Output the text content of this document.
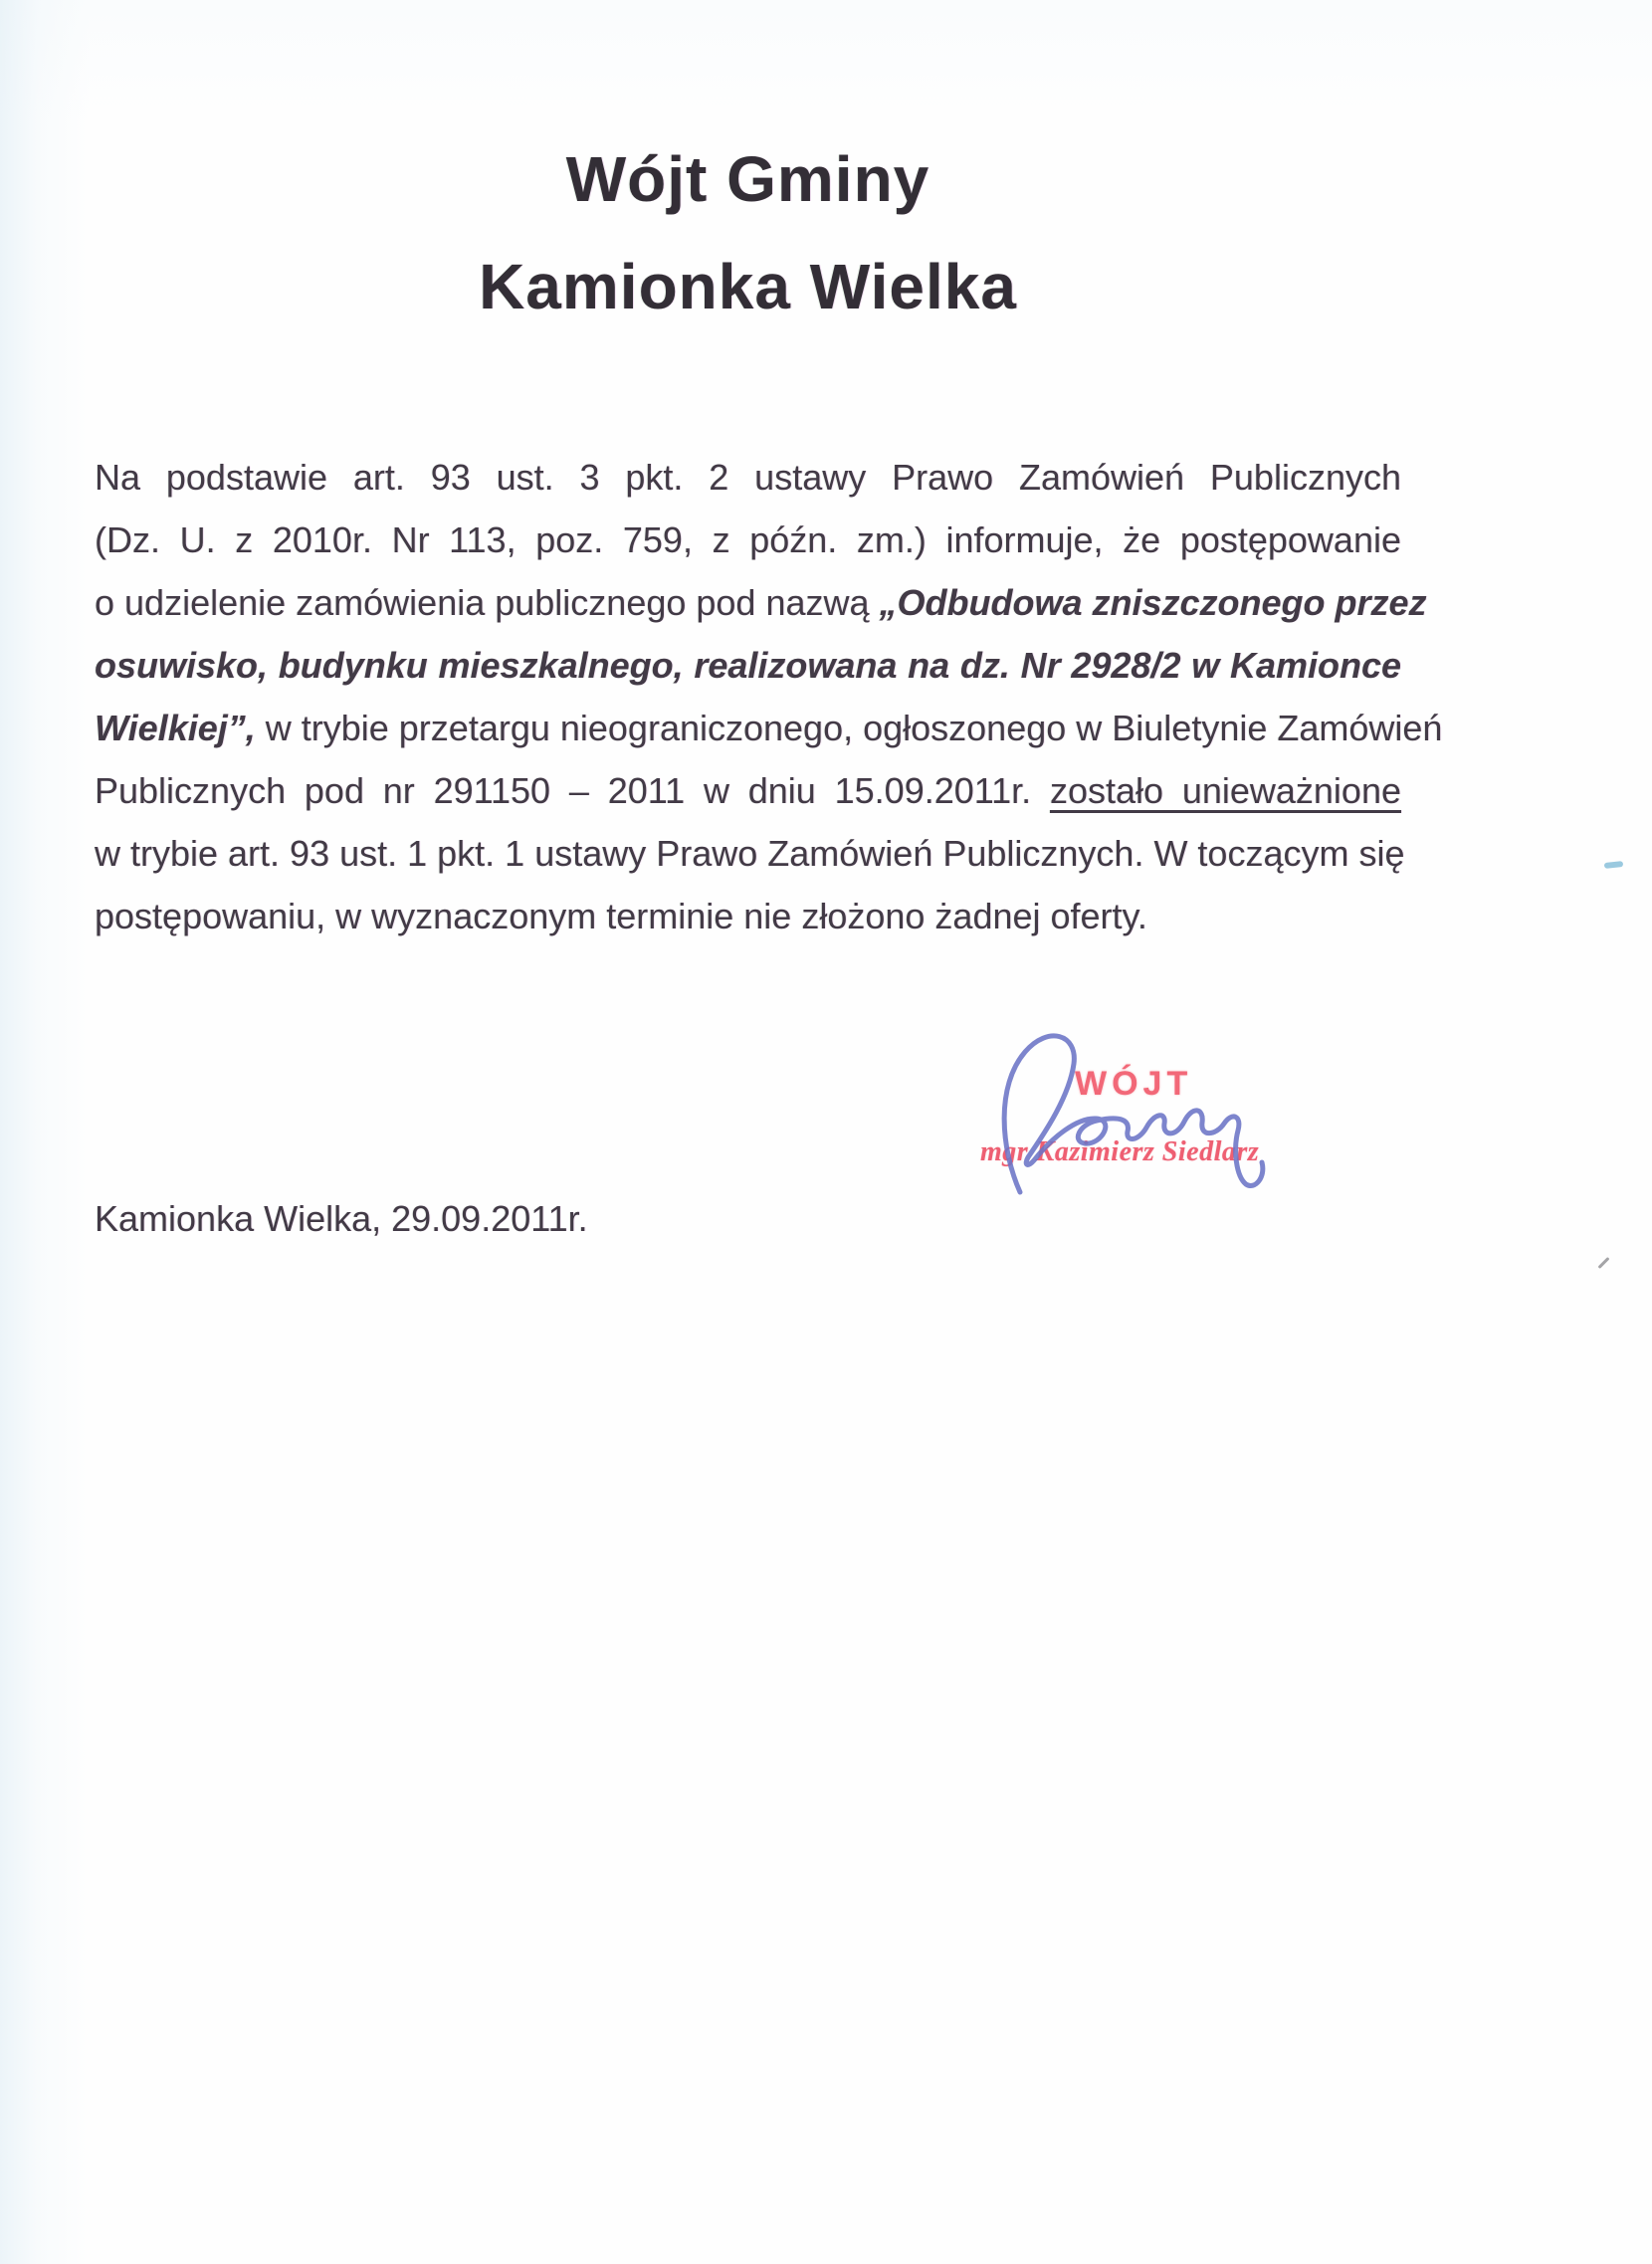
Wójt Gminy
Kamionka Wielka
Na podstawie art. 93 ust. 3 pkt. 2 ustawy Prawo Zamówień Publicznych
(Dz. U. z 2010r. Nr 113, poz. 759, z późn. zm.) informuje, że postępowanie
o udzielenie zamówienia publicznego pod nazwą „Odbudowa zniszczonego przez
osuwisko, budynku mieszkalnego, realizowana na dz. Nr 2928/2 w Kamionce
Wielkiej”, w trybie przetargu nieograniczonego, ogłoszonego w Biuletynie Zamówień
Publicznych pod nr 291150 – 2011 w dniu 15.09.2011r. zostało unieważnione
w trybie art. 93 ust. 1 pkt. 1 ustawy Prawo Zamówień Publicznych. W toczącym się
postępowaniu, w wyznaczonym terminie nie złożono żadnej oferty.
WÓJT
mgr Kazimierz Siedlarz
Kamionka Wielka, 29.09.2011r.
